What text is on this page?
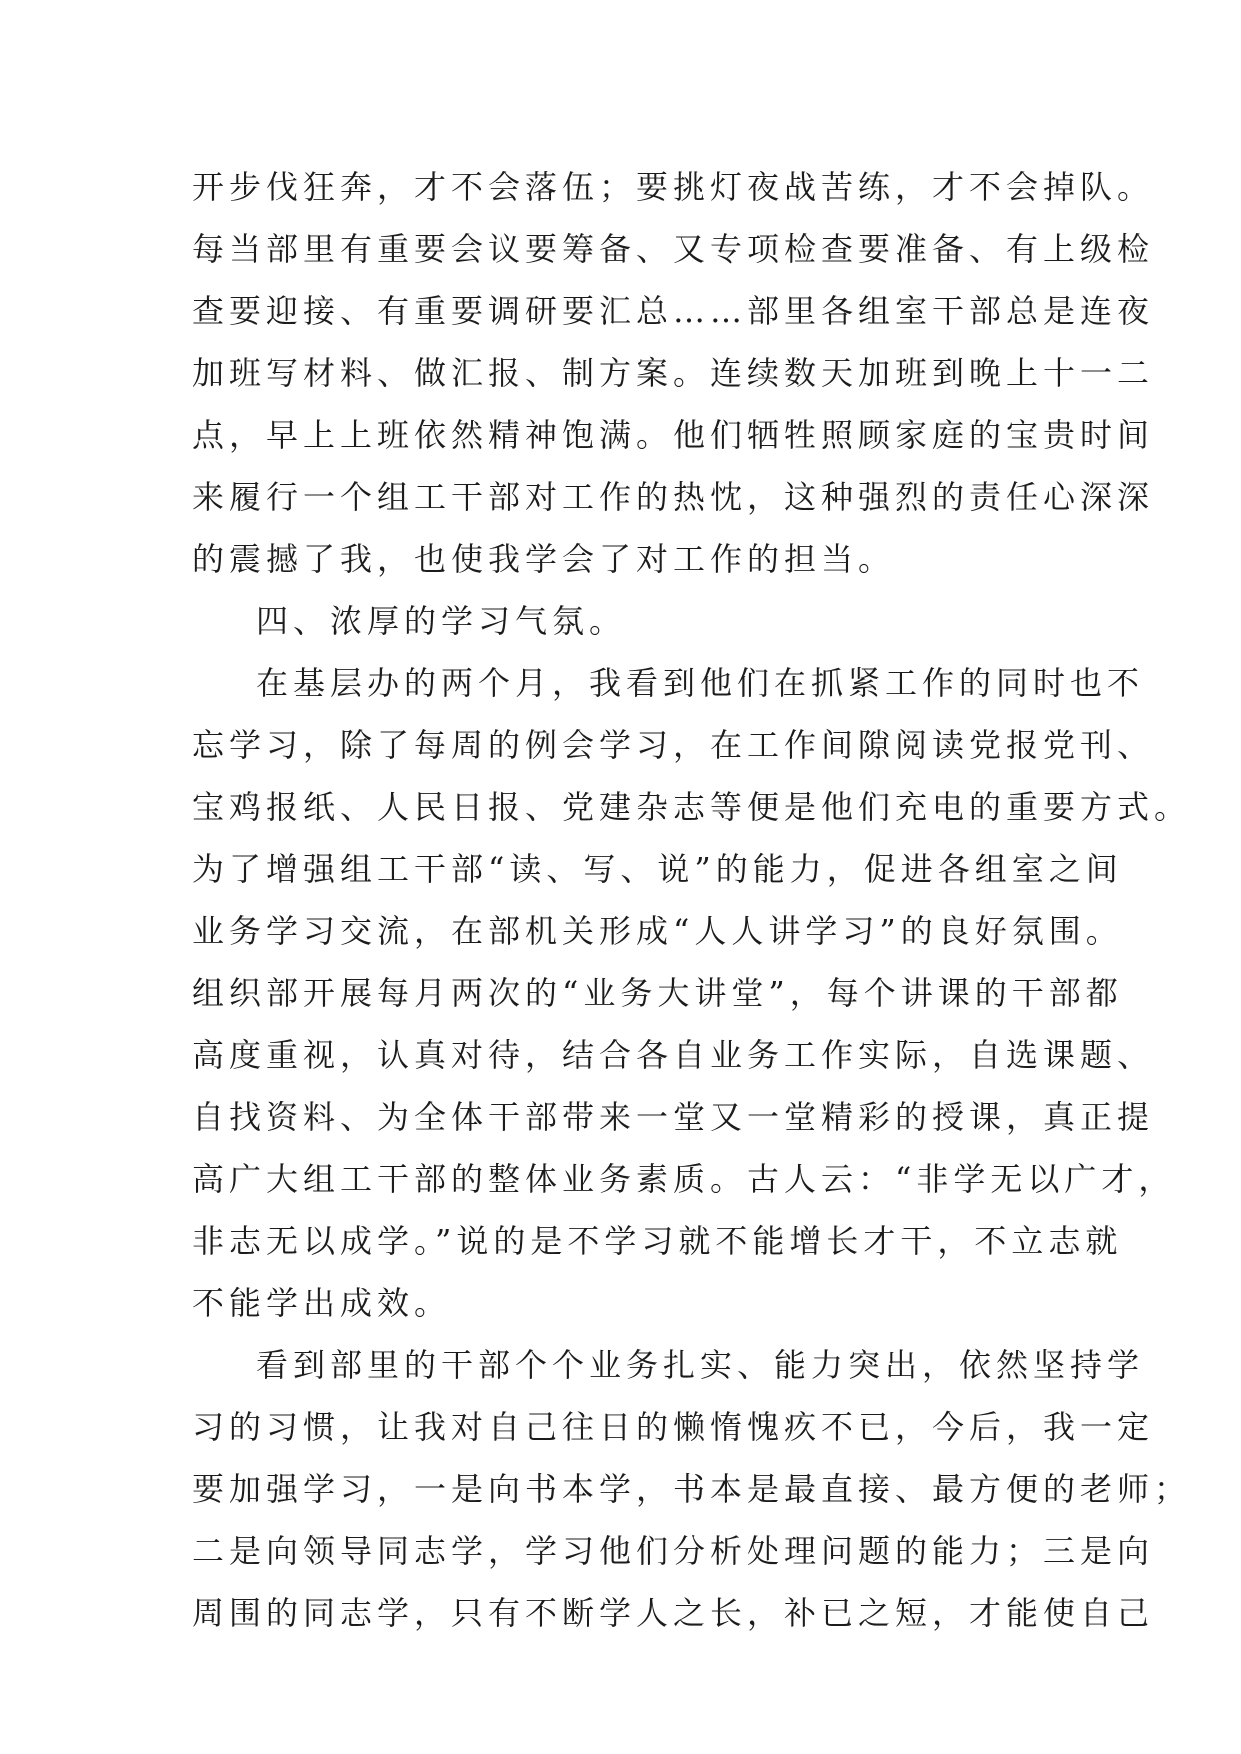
开步伐狂奔，才不会落伍；要挑灯夜战苦练，才不会掉队。
每当部里有重要会议要筹备、又专项检查要准备、有上级检
查要迎接、有重要调研要汇总……部里各组室干部总是连夜
加班写材料、做汇报、制方案。连续数天加班到晚上十一二
点，早上上班依然精神饱满。他们牺牲照顾家庭的宝贵时间
来履行一个组工干部对工作的热忱，这种强烈的责任心深深
的震撼了我，也使我学会了对工作的担当。
四、浓厚的学习气氛。
在基层办的两个月，我看到他们在抓紧工作的同时也不
忘学习，除了每周的例会学习，在工作间隙阅读党报党刊、
宝鸡报纸、人民日报、党建杂志等便是他们充电的重要方式。
为了增强组工干部“读、写、说”的能力，促进各组室之间
业务学习交流，在部机关形成“人人讲学习”的良好氛围。
组织部开展每月两次的“业务大讲堂”，每个讲课的干部都
高度重视，认真对待，结合各自业务工作实际，自选课题、
自找资料、为全体干部带来一堂又一堂精彩的授课，真正提
高广大组工干部的整体业务素质。古人云：“非学无以广才，
非志无以成学。”说的是不学习就不能增长才干，不立志就
不能学出成效。
看到部里的干部个个业务扎实、能力突出，依然坚持学
习的习惯，让我对自己往日的懒惰愧疚不已，今后，我一定
要加强学习，一是向书本学，书本是最直接、最方便的老师；
二是向领导同志学，学习他们分析处理问题的能力；三是向
周围的同志学，只有不断学人之长，补已之短，才能使自己
